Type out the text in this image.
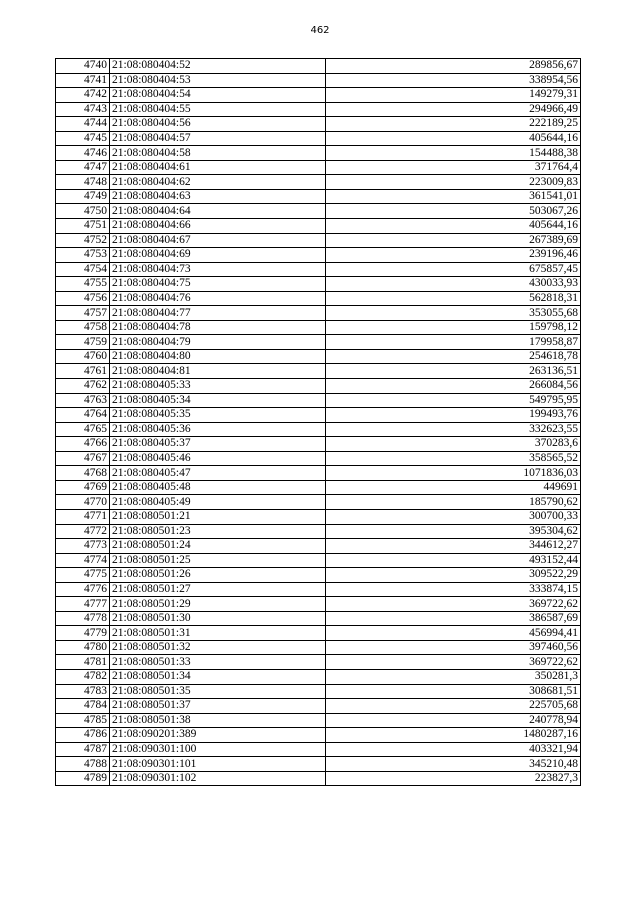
462
4740	21:08:080404:52	289856,67
4741	21:08:080404:53	338954,56
4742	21:08:080404:54	149279,31
4743	21:08:080404:55	294966,49
4744	21:08:080404:56	222189,25
4745	21:08:080404:57	405644,16
4746	21:08:080404:58	154488,38
4747	21:08:080404:61	371764,4
4748	21:08:080404:62	223009,83
4749	21:08:080404:63	361541,01
4750	21:08:080404:64	503067,26
4751	21:08:080404:66	405644,16
4752	21:08:080404:67	267389,69
4753	21:08:080404:69	239196,46
4754	21:08:080404:73	675857,45
4755	21:08:080404:75	430033,93
4756	21:08:080404:76	562818,31
4757	21:08:080404:77	353055,68
4758	21:08:080404:78	159798,12
4759	21:08:080404:79	179958,87
4760	21:08:080404:80	254618,78
4761	21:08:080404:81	263136,51
4762	21:08:080405:33	266084,56
4763	21:08:080405:34	549795,95
4764	21:08:080405:35	199493,76
4765	21:08:080405:36	332623,55
4766	21:08:080405:37	370283,6
4767	21:08:080405:46	358565,52
4768	21:08:080405:47	1071836,03
4769	21:08:080405:48	449691
4770	21:08:080405:49	185790,62
4771	21:08:080501:21	300700,33
4772	21:08:080501:23	395304,62
4773	21:08:080501:24	344612,27
4774	21:08:080501:25	493152,44
4775	21:08:080501:26	309522,29
4776	21:08:080501:27	333874,15
4777	21:08:080501:29	369722,62
4778	21:08:080501:30	386587,69
4779	21:08:080501:31	456994,41
4780	21:08:080501:32	397460,56
4781	21:08:080501:33	369722,62
4782	21:08:080501:34	350281,3
4783	21:08:080501:35	308681,51
4784	21:08:080501:37	225705,68
4785	21:08:080501:38	240778,94
4786	21:08:090201:389	1480287,16
4787	21:08:090301:100	403321,94
4788	21:08:090301:101	345210,48
4789	21:08:090301:102	223827,3
